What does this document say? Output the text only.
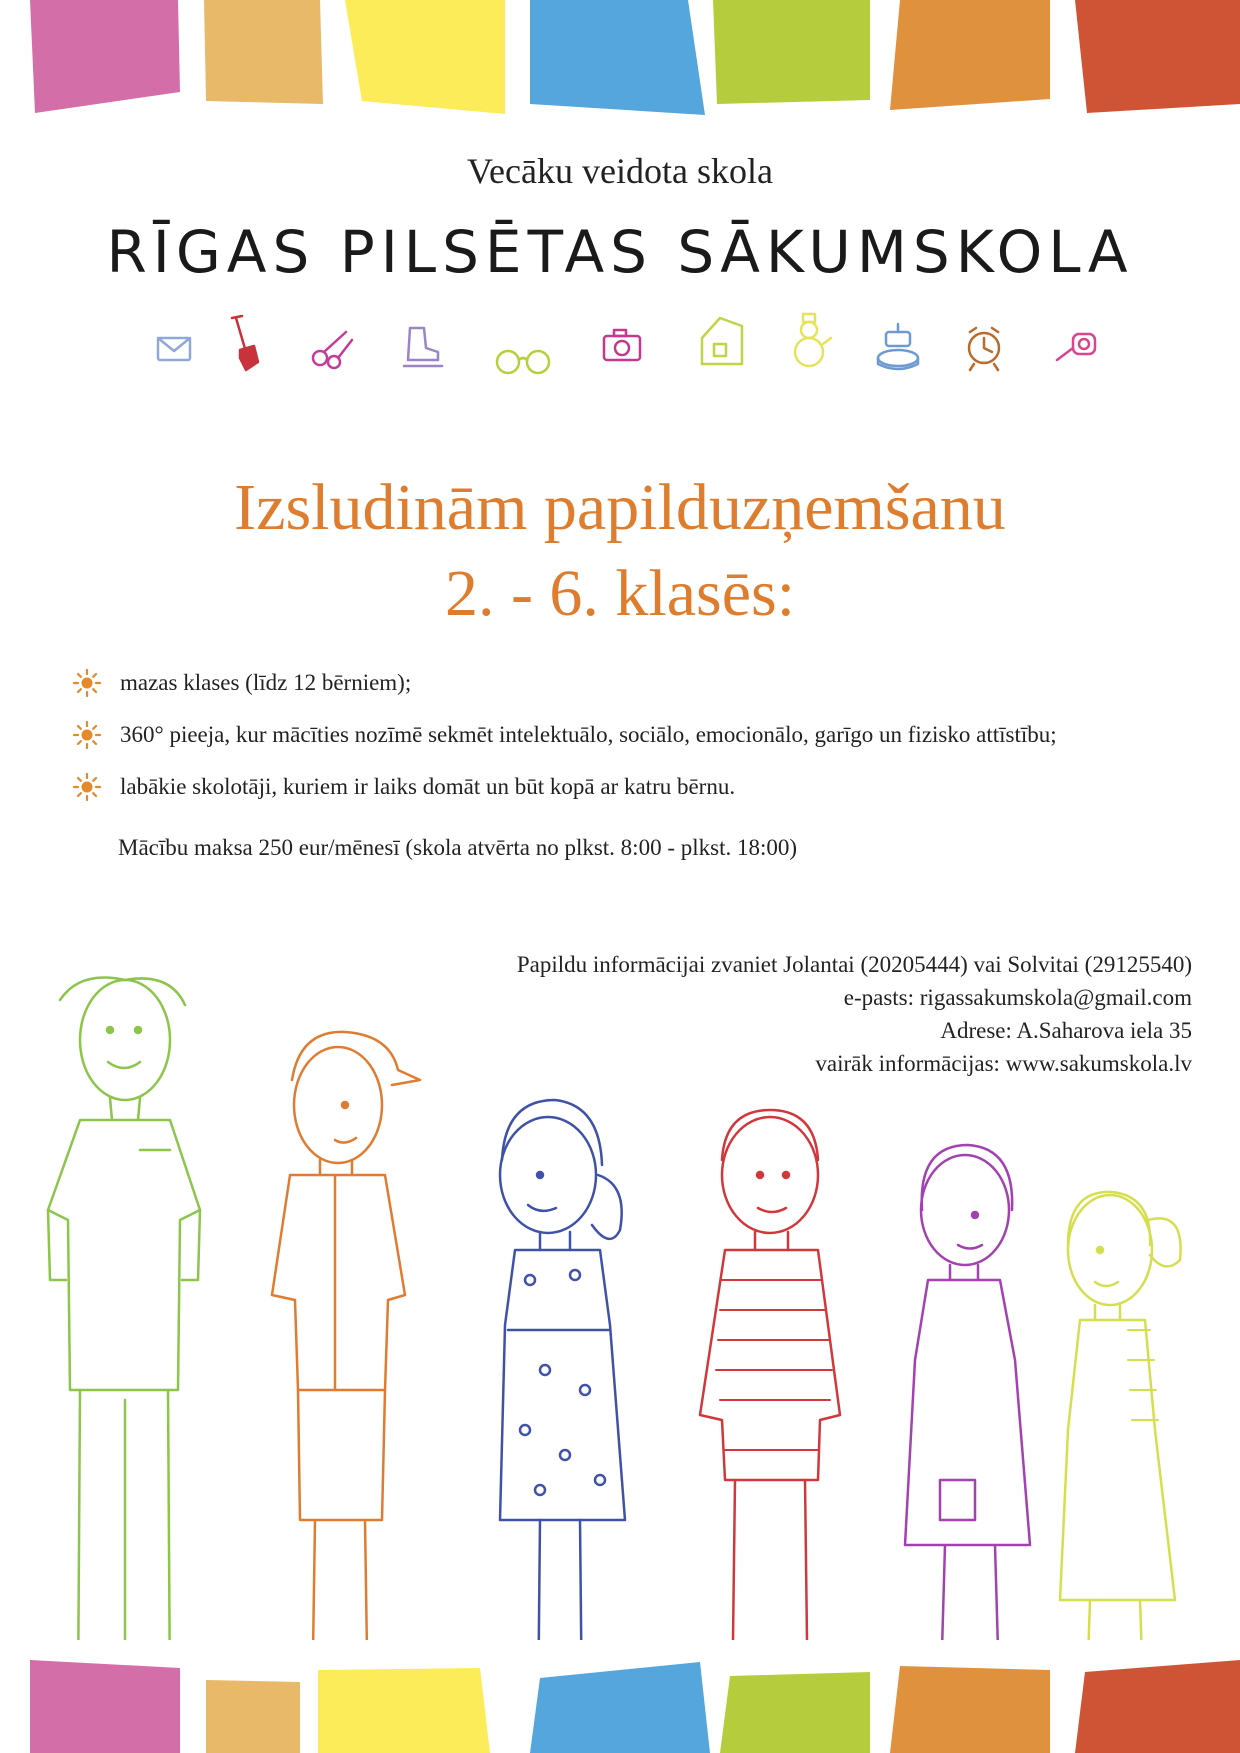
Vecāku veidota skola
RĪGAS PILSĒTAS SĀKUMSKOLA
Izsludinām papilduzņemšanu
2. - 6. klasēs:
mazas klases (līdz 12 bērniem);
360° pieeja, kur mācīties nozīmē sekmēt intelektuālo, sociālo, emocionālo, garīgo un fizisko attīstību;
labākie skolotāji, kuriem ir laiks domāt un būt kopā ar katru bērnu.
Mācību maksa 250 eur/mēnesī (skola atvērta no plkst. 8:00 - plkst. 18:00)
Papildu informācijai zvaniet Jolantai (20205444) vai Solvitai (29125540)
e-pasts: rigassakumskola@gmail.com
Adrese: A.Saharova iela 35
vairāk informācijas: www.sakumskola.lv
